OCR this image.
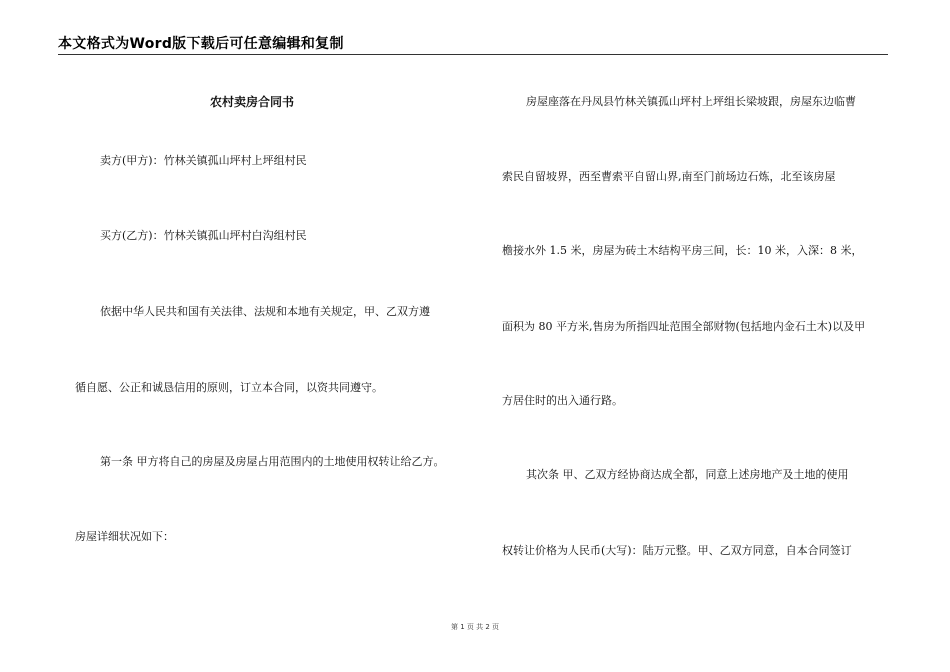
本文格式为Word版下载后可任意编辑和复制
农村卖房合同书
卖方(甲方)：竹林关镇孤山坪村上坪组村民
买方(乙方)：竹林关镇孤山坪村白沟组村民
依据中华人民共和国有关法律、法规和本地有关规定，甲、乙双方遵
循自愿、公正和诚恳信用的原则，订立本合同，以资共同遵守。
第一条 甲方将自己的房屋及房屋占用范围内的土地使用权转让给乙方。
房屋详细状况如下：
房屋座落在丹凤县竹林关镇孤山坪村上坪组长梁坡跟，房屋东边临曹
索民自留坡界，西至曹索平自留山界,南至门前场边石炼，北至该房屋
檐接水外 1.5 米，房屋为砖土木结构平房三间，长：10 米，入深：8 米，
面积为 80 平方米,售房为所指四址范围全部财物(包括地内金石土木)以及甲
方居住时的出入通行路。
其次条 甲、乙双方经协商达成全都，同意上述房地产及土地的使用
权转让价格为人民币(大写)：陆万元整。甲、乙双方同意，自本合同签订
第 1 页 共 2 页
